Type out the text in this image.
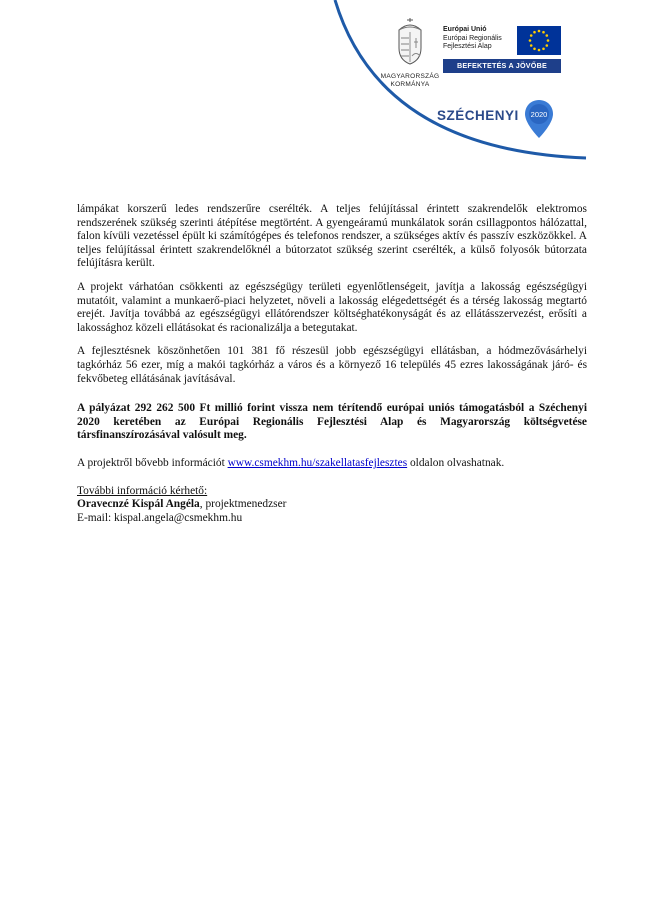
MAGYARORSZÁG
KORMÁNYA
Európai Unió
Európai Regionális
Fejlesztési Alap
BEFEKTETÉS A JÖVŐBE
SZÉCHENYI 2020

lámpákat korszerű ledes rendszerűre cserélték. A teljes felújítással érintett szakrendelők elektromos rendszerének szükség szerinti átépítése megtörtént. A gyengeáramú munkálatok során csillagpontos hálózattal, falon kívüli vezetéssel épült ki számítógépes és telefonos rendszer, a szükséges aktív és passzív eszközökkel. A teljes felújítással érintett szakrendelőknél a bútorzatot szükség szerint cserélték, a külső folyosók bútorzata felújításra került.

A projekt várhatóan csökkenti az egészségügy területi egyenlőtlenségeit, javítja a lakosság egészségügyi mutatóit, valamint a munkaerő-piaci helyzetet, növeli a lakosság elégedettségét és a térség lakosság megtartó erejét. Javítja továbbá az egészségügyi ellátórendszer költséghatékonyságát és az ellátásszervezést, erősíti a lakossághoz közeli ellátásokat és racionalizálja a betegutakat.

A fejlesztésnek köszönhetően 101 381 fő részesül jobb egészségügyi ellátásban, a hódmezővásárhelyi tagkórház 56 ezer, míg a makói tagkórház a város és a környező 16 település 45 ezres lakosságának járó- és fekvőbeteg ellátásának javításával.

A pályázat 292 262 500 Ft millió forint vissza nem térítendő európai uniós támogatásból a Széchenyi 2020 keretében az Európai Regionális Fejlesztési Alap és Magyarország költségvetése társfinanszírozásával valósult meg.

A projektről bővebb információt www.csmekhm.hu/szakellatasfejlesztes oldalon olvashatnak.

További információ kérhető:
Oravecnzé Kispál Angéla, projektmenedzser
E-mail: kispal.angela@csmekhm.hu
